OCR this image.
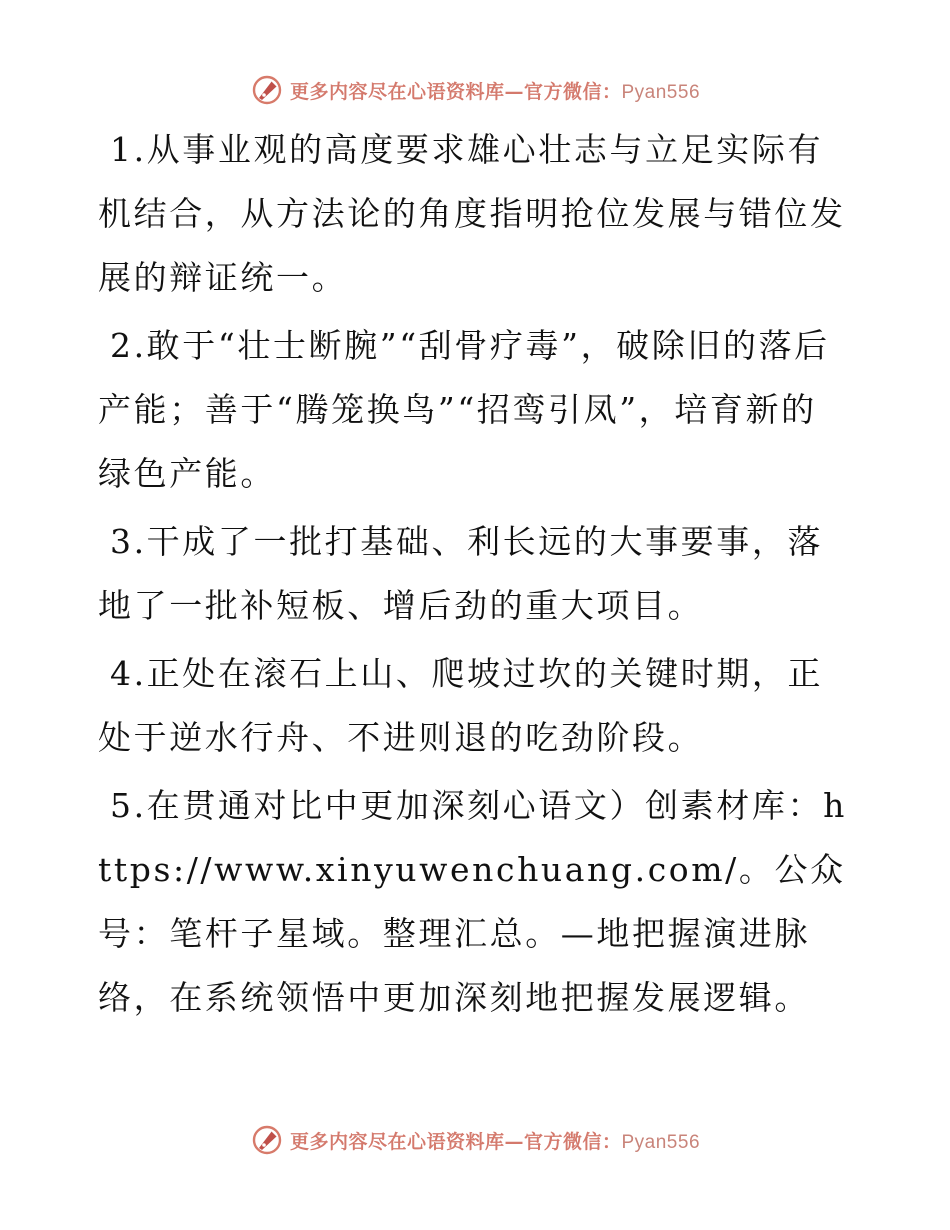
更多内容尽在心语资料库—官方微信：Pyan556

1.从事业观的高度要求雄心壮志与立足实际有机结合，从方法论的角度指明抢位发展与错位发展的辩证统一。

2.敢于“壮士断腕”“刮骨疗毒”，破除旧的落后产能；善于“腾笼换鸟”“招鸾引凤”，培育新的绿色产能。

3.干成了一批打基础、利长远的大事要事，落地了一批补短板、增后劲的重大项目。

4.正处在滚石上山、爬坡过坎的关键时期，正处于逆水行舟、不进则退的吃劲阶段。

5.在贯通对比中更加深刻心语文）创素材库：https://www.xinyuwenchuang.com/。公众号：笔杆子星域。整理汇总。—地把握演进脉络，在系统领悟中更加深刻地把握发展逻辑。

更多内容尽在心语资料库—官方微信：Pyan556
